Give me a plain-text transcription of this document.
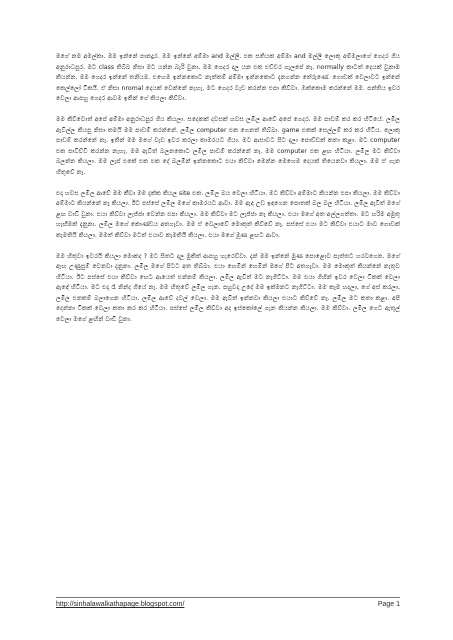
මගේ නම අමල්කා. මම ඉන්නේ පානදුර. මම ඉන්නේ අම්මා and මල්ලී. එක සතියක අම්මා and මල්ලී ලොකු අම්මලාගේ ගෙදර ගිය අනුරාධපුර. මට class තිබ්බ නිසා මට යන්න බැරි වුනා. මම ගෙදර දාල යන එක එච්චර ගැලපේ නෑ. normally කාටත් දෙයක් වුනාම කියන්න. මම ගෙදර ඉන්නේ තනියම. එහෙම ඉන්නකොට නැත්තම් අම්මා ඉන්නකොට දැනගන්න තේරුණේ. ගොඩක් වෙලාවට ඉන්නේ කෙල්ලෝ ටිකයි. ඒ නිසා nromal දෙයක් වෙන්නේ නැහැ. මට ගෙදර වැඩ කරන්න එපා කිව්වා. ඔක්කොම කරන්නේ මම. පන්තිය ඉවර වෙලා ආපහු ගෙදර ආවම ඉතින් ගේ කියලා කිව්වා.

මම කිව්වොත් අපේ අම්මා අනුරාධපුර ගිය කියලා. සදෙකක් දවසක් හවස ලමිල ආවේ අපේ ගෙදර. මම පාඩම් කර කර හිටියේ. ලමිල ඇවිල්ල කියපු නිසා තමයි මම පාඩම් කරන්නේ. ලමිල computer එක ගෙනත් තිබ්බා. game එකක් සෙල්ලම් කර කර හිටිය. ලොකු පාඩම් කරන්නේ නෑ. ඉතින් මම මගේ වැඩ ඉවර කරලා කාමරයට ගියා. මට ආසාවට පිට දාලා පොඩ්ඩක් කතා කළා. මට computer එක පාවිච්චි කරන්න නැහැ. මම ඇවිත් බලනකොට ලමිල පාඩම් කරන්නේ නෑ. මම computer එක ළඟ හිටියා. ලමිල මට කිව්වා බලන්න කියලා. මම ලැප් එකේ එක එක දේ බලමින් ඉන්නකොට එයා කිව්වා මෙන්න මෙහෙම දෙයක් තියෙනවා කියලා. මම ඒ ගැන හිතුවේ නෑ.

එදා හවස ලමිල ආවේ මම කීවා මම දැක්ක කියල site එක. ලමිල බය වෙලා හිටියා. මට කිව්වා අම්මාට කියන්න එපා කියලා. මම කිව්වා අම්මාට කියන්නේ නෑ කියලා. ඊට පස්සේ ලමිල මගේ කාමරයට ආවා. මම ඇඳ උඩ ඉඳගෙන පොතක් බල බල හිටියා. ලමිල ඇවිත් මගේ ළඟ වාඩි වුනා. එයා කිව්වා ලැජ්ජා වෙන්න එපා කියලා. මම කිව්වා මට ලැජ්ජා නෑ කියලා. එයා මගේ අත අල්ලගත්තා. මට හරිම අමුතු හැඟීමක් දැනුනා. ලමිල මගේ කොණ්ඩය අතගෑවා. මම ඒ වෙලාවේ මොකුත් කිව්වේ නෑ. පස්සේ එයා මට කිව්වා එයාට මාව ගොඩක් කැමතියි කියලා. මමත් කිව්වා මටත් එයාව කැමතියි කියලා. එයා මගේ මූණ ළඟට ආවා.

මම හිතුවා ඉවරයි කියලා මොකද ? මට සිතට දාල මුකිත් ආපහු හැරෙව්වා. දැන් මම ඉන්නේ මුණ පොළොව පැත්තට හරවගෙන. මගේ ඇඟ උණුසුම් වෙනවා දැනුනා. ලමිල මගේ පිටට අත තිබ්බා. එයා හෙමින් හෙමින් මගේ පිට අතගෑවා. මම මොකුත් කියන්නේ නැතුව හිටියා. ඊට පස්සේ එයා කිව්වා හෙට ආයෙත් එන්නම් කියලා. ලමිල ඇවිත් මට නැගිට්ටා. මම එයා ගිහින් ඉවර වෙලා ටිකක් වෙලා ඇඳේ හිටියා. මට එදා රෑ නින්ද ගියේ නෑ. මම හිතුවේ ලමිල ගැන. පහුවදා උදේ මම ඉක්මනට නැගිට්ටා. මම කෑම හදලා, ගේ අස් කරලා, ලමිල එනකම් බලාගෙන හිටියා. ලමිල ආවේ දවල් වෙලා. මම ඇවිත් ඉන්නවා කියලා එයාට කිව්වේ නෑ. ලමිල මට කතා කළා. අපි දෙන්නා ටිකක් වෙලා කතා කර කර හිටියා. පස්සේ ලමිල කිව්වා අද ඉස්කෝලේ ගැන කියන්න කියලා. මම කිව්වා. ලමිල ගෙට ඇතුල් වෙලා මගේ ළඟින් වාඩි වුනා.

http://sinhalawalkathapage.blogspot.com/	Page 1
